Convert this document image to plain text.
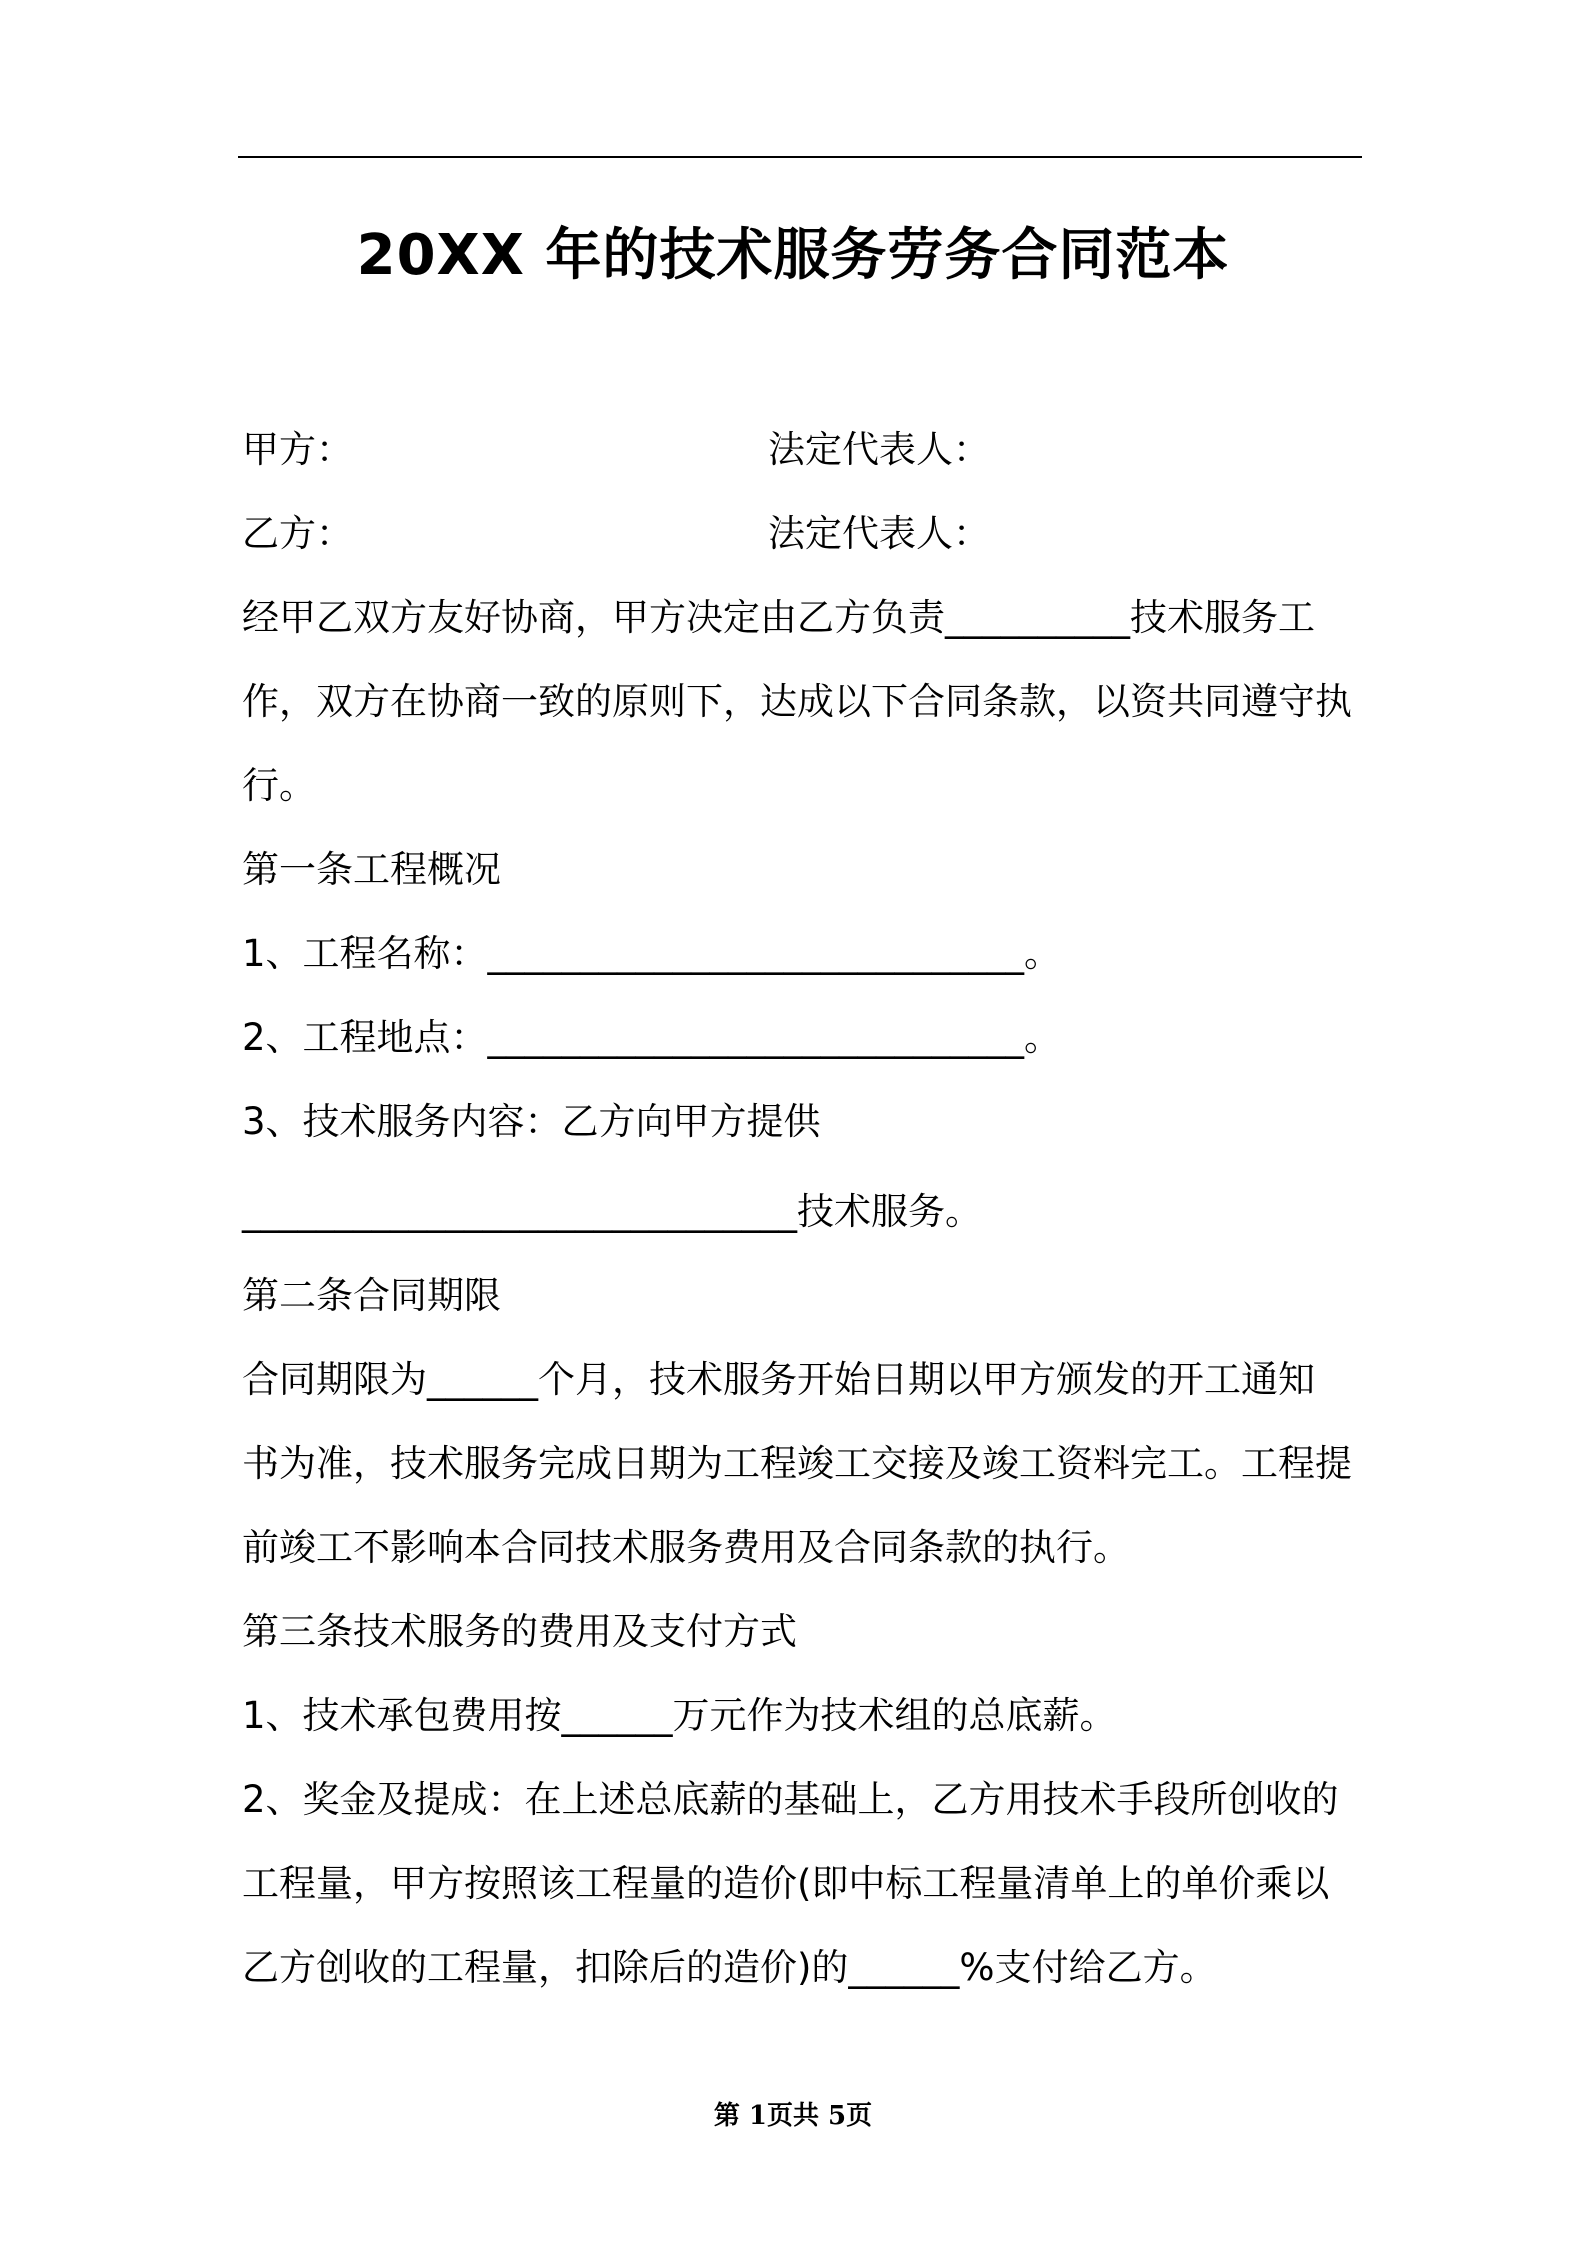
20XX 年的技术服务劳务合同范本
甲方：	法定代表人：
乙方：	法定代表人：
经甲乙双方友好协商，甲方决定由乙方负责__________技术服务工
作，双方在协商一致的原则下，达成以下合同条款，以资共同遵守执
行。
第一条工程概况
1、工程名称：_____________________________。
2、工程地点：_____________________________。
3、技术服务内容：乙方向甲方提供
______________________________技术服务。
第二条合同期限
合同期限为______个月，技术服务开始日期以甲方颁发的开工通知
书为准，技术服务完成日期为工程竣工交接及竣工资料完工。工程提
前竣工不影响本合同技术服务费用及合同条款的执行。
第三条技术服务的费用及支付方式
1、技术承包费用按______万元作为技术组的总底薪。
2、奖金及提成：在上述总底薪的基础上，乙方用技术手段所创收的
工程量，甲方按照该工程量的造价(即中标工程量清单上的单价乘以
乙方创收的工程量，扣除后的造价)的______%支付给乙方。
第 1页共 5页
